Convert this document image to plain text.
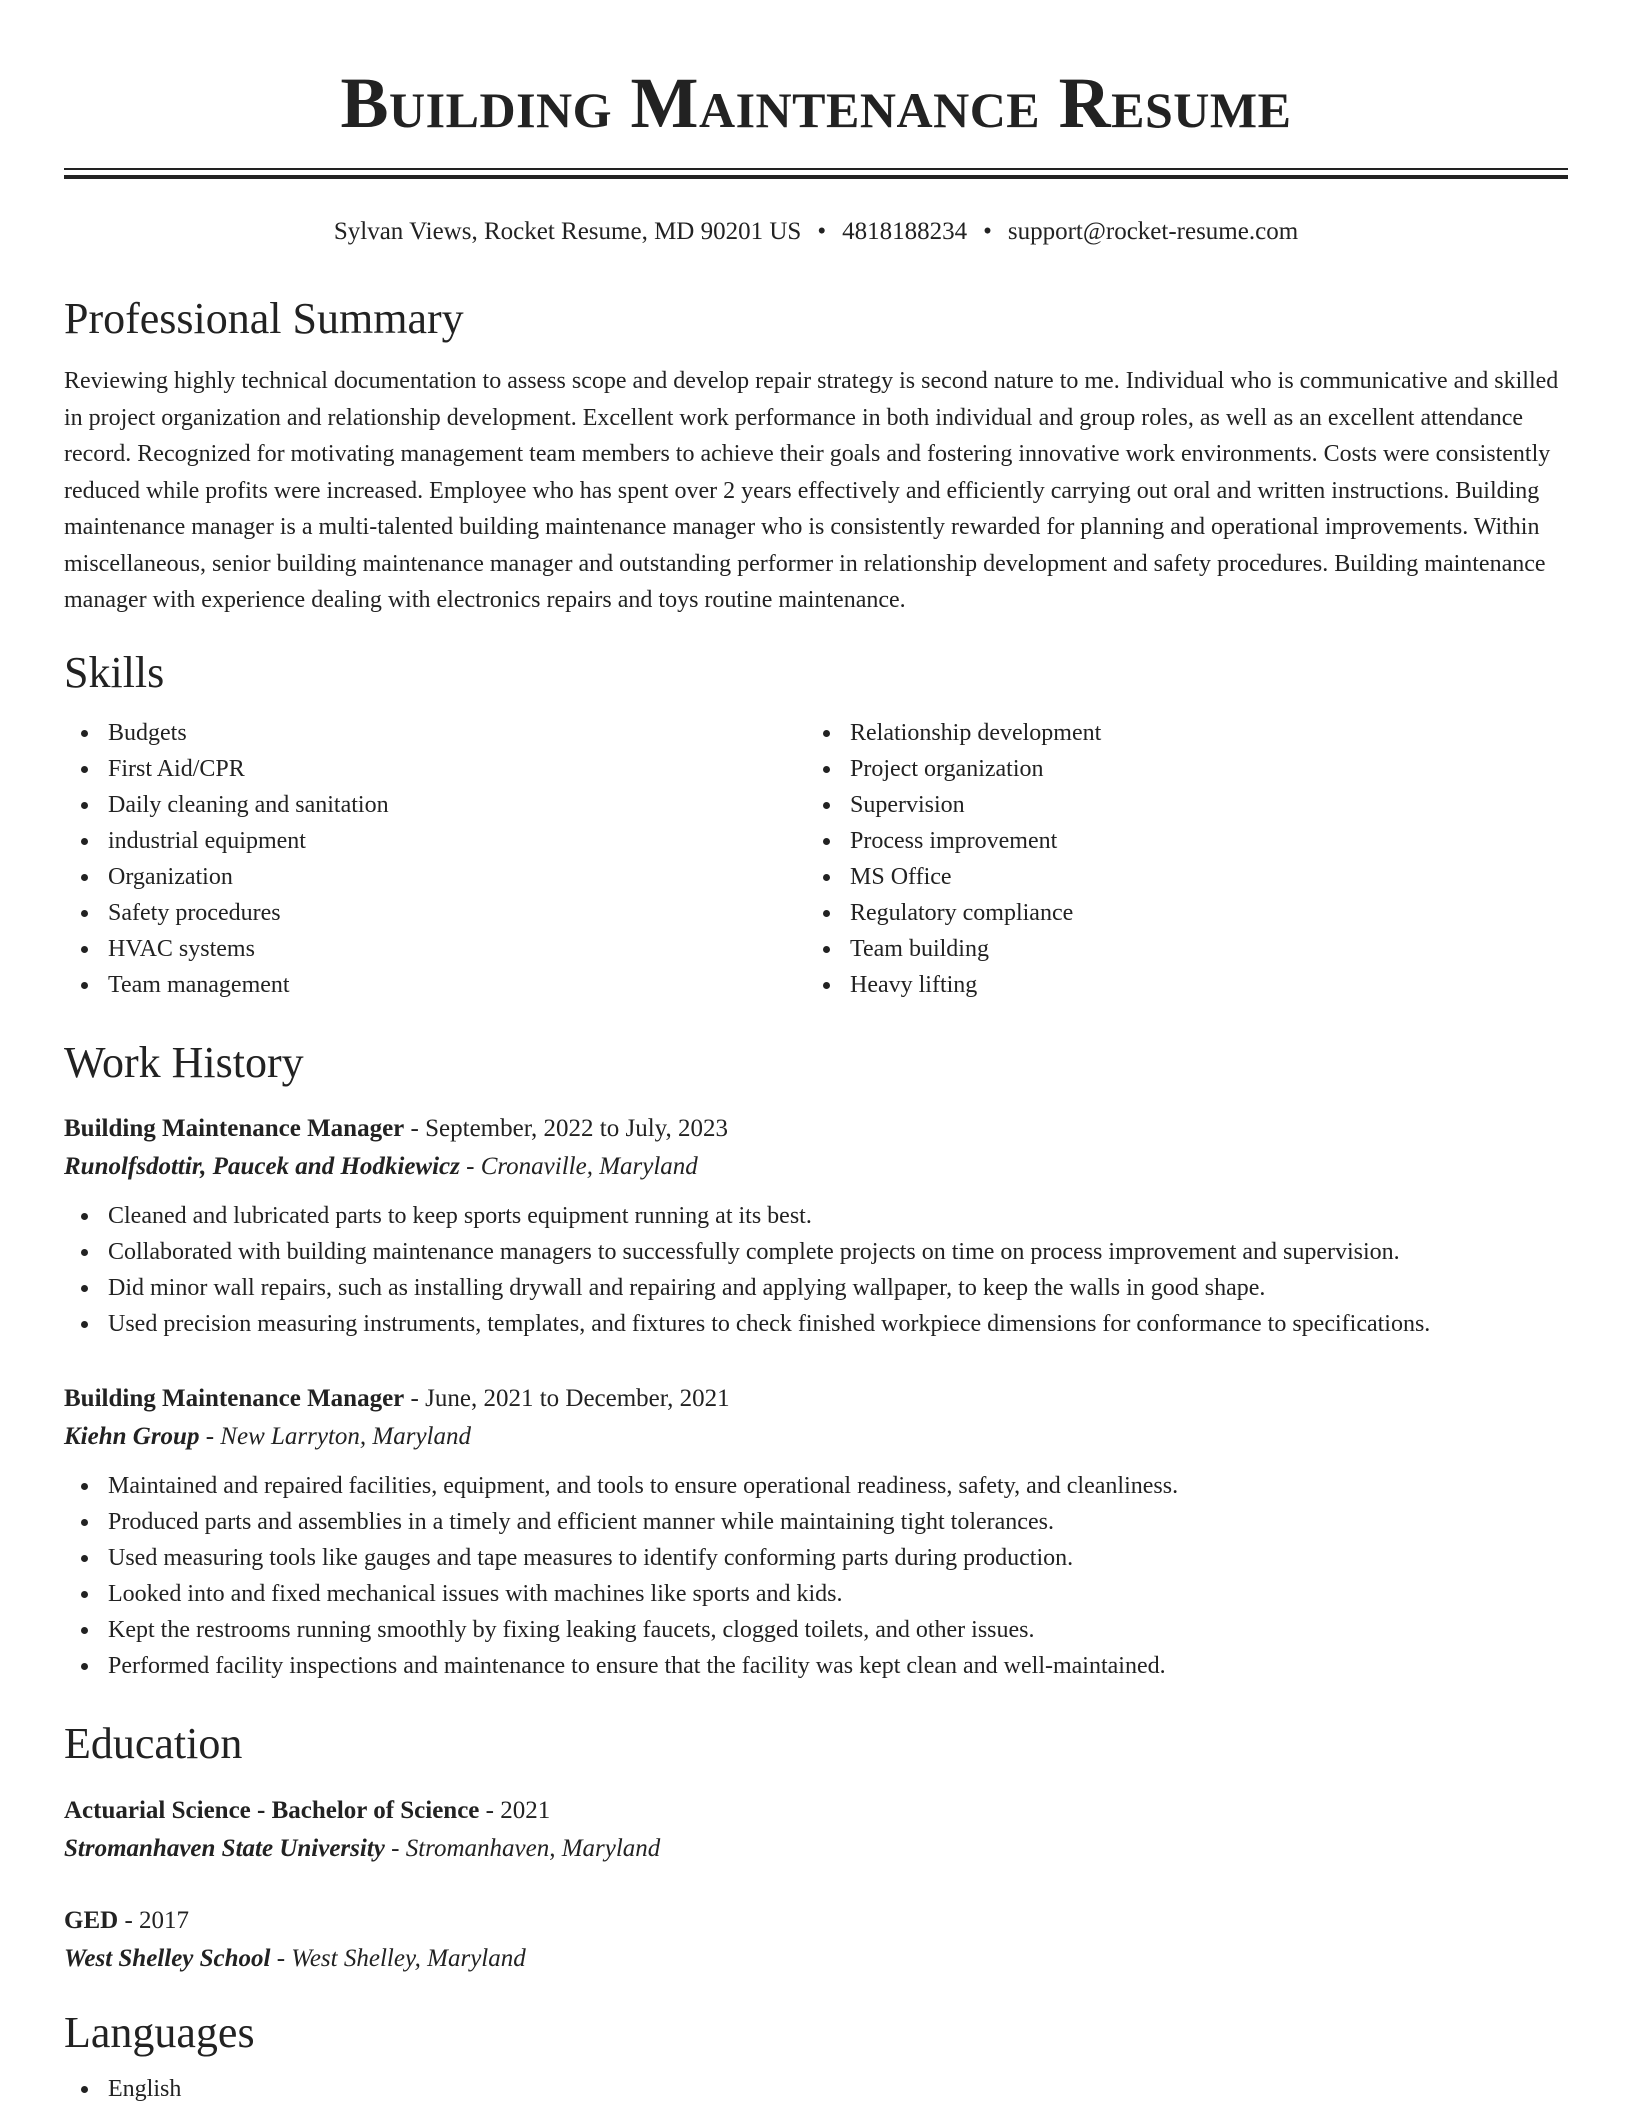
Building Maintenance Resume
Sylvan Views, Rocket Resume, MD 90201 US • 4818188234 • support@rocket-resume.com
Professional Summary

Reviewing highly technical documentation to assess scope and develop repair strategy is second nature to me. Individual who is communicative and skilled in project organization and relationship development. Excellent work performance in both individual and group roles, as well as an excellent attendance record. Recognized for motivating management team members to achieve their goals and fostering innovative work environments. Costs were consistently reduced while profits were increased. Employee who has spent over 2 years effectively and efficiently carrying out oral and written instructions. Building maintenance manager is a multi-talented building maintenance manager who is consistently rewarded for planning and operational improvements. Within miscellaneous, senior building maintenance manager and outstanding performer in relationship development and safety procedures. Building maintenance manager with experience dealing with electronics repairs and toys routine maintenance.

Skills
Budgets
First Aid/CPR
Daily cleaning and sanitation
industrial equipment
Organization
Safety procedures
HVAC systems
Team management
Relationship development
Project organization
Supervision
Process improvement
MS Office
Regulatory compliance
Team building
Heavy lifting
Work History
Building Maintenance Manager - September, 2022 to July, 2023
Runolfsdottir, Paucek and Hodkiewicz - Cronaville, Maryland
Cleaned and lubricated parts to keep sports equipment running at its best.
Collaborated with building maintenance managers to successfully complete projects on time on process improvement and supervision.
Did minor wall repairs, such as installing drywall and repairing and applying wallpaper, to keep the walls in good shape.
Used precision measuring instruments, templates, and fixtures to check finished workpiece dimensions for conformance to specifications.
Building Maintenance Manager - June, 2021 to December, 2021
Kiehn Group - New Larryton, Maryland
Maintained and repaired facilities, equipment, and tools to ensure operational readiness, safety, and cleanliness.
Produced parts and assemblies in a timely and efficient manner while maintaining tight tolerances.
Used measuring tools like gauges and tape measures to identify conforming parts during production.
Looked into and fixed mechanical issues with machines like sports and kids.
Kept the restrooms running smoothly by fixing leaking faucets, clogged toilets, and other issues.
Performed facility inspections and maintenance to ensure that the facility was kept clean and well-maintained.
Education
Actuarial Science - Bachelor of Science - 2021
Stromanhaven State University - Stromanhaven, Maryland
GED - 2017
West Shelley School - West Shelley, Maryland
Languages
English
